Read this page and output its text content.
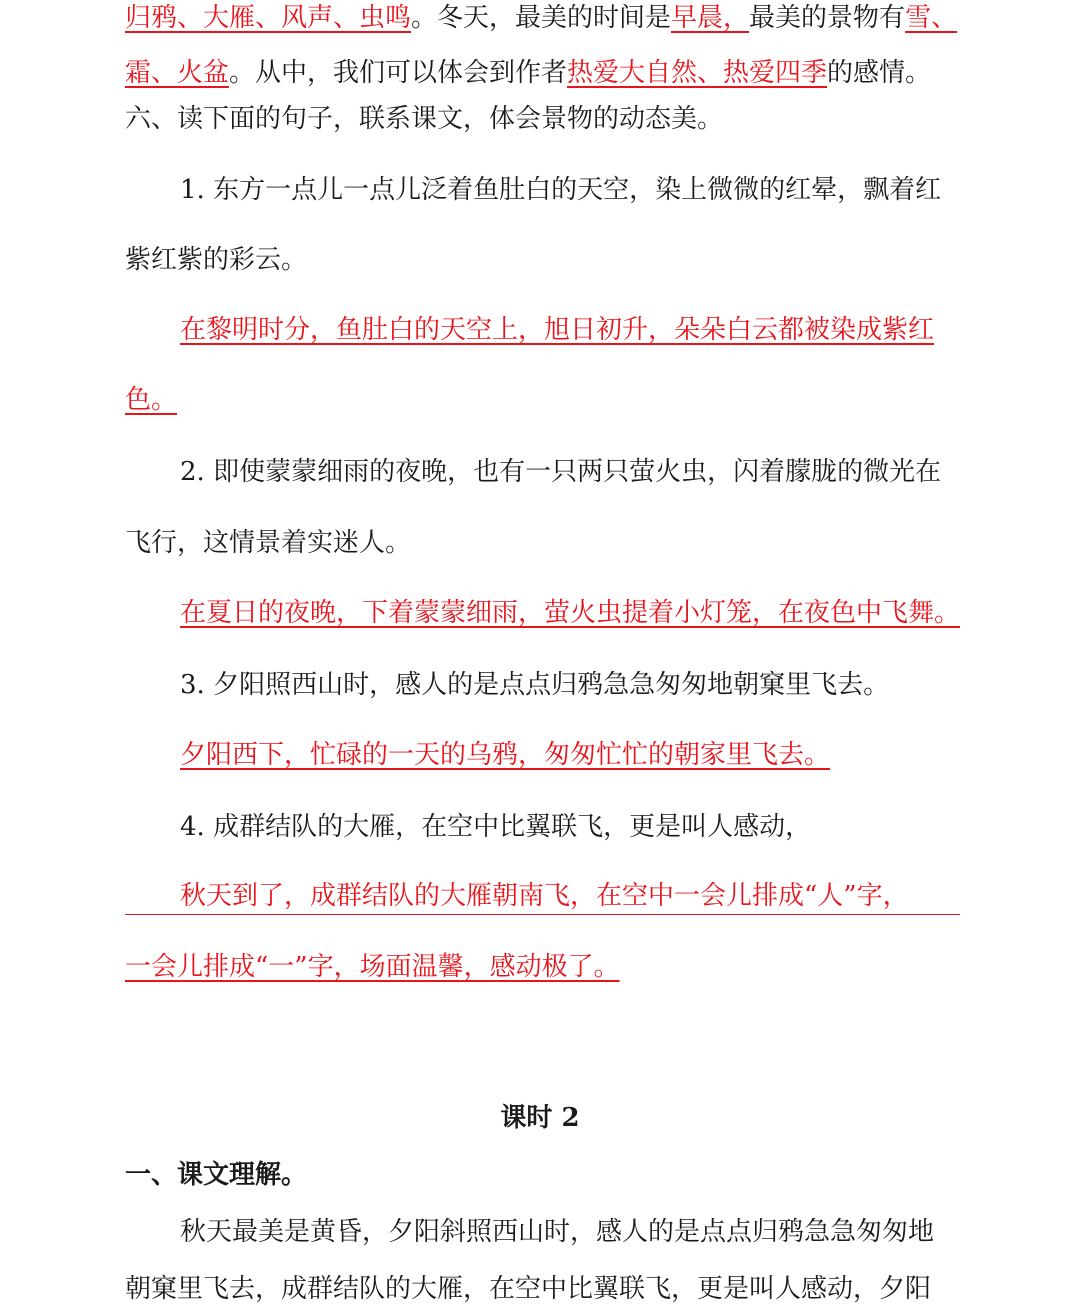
归鸦、大雁、风声、虫鸣。冬天，最美的时间是早晨，最美的景物有雪、
霜、火盆。从中，我们可以体会到作者热爱大自然、热爱四季的感情。
六、读下面的句子，联系课文，体会景物的动态美。
1. 东方一点儿一点儿泛着鱼肚白的天空，染上微微的红晕，飘着红
紫红紫的彩云。
在黎明时分，鱼肚白的天空上，旭日初升，朵朵白云都被染成紫红
色。
2. 即使蒙蒙细雨的夜晚，也有一只两只萤火虫，闪着朦胧的微光在
飞行，这情景着实迷人。
在夏日的夜晚，下着蒙蒙细雨，萤火虫提着小灯笼，在夜色中飞舞。
3. 夕阳照西山时，感人的是点点归鸦急急匆匆地朝窠里飞去。
夕阳西下，忙碌的一天的乌鸦，匆匆忙忙的朝家里飞去。
4. 成群结队的大雁，在空中比翼联飞，更是叫人感动，
秋天到了，成群结队的大雁朝南飞，在空中一会儿排成“人”字，
一会儿排成“一”字，场面温馨，感动极了。
课时 2
一、课文理解。
秋天最美是黄昏，夕阳斜照西山时，感人的是点点归鸦急急匆匆地
朝窠里飞去，成群结队的大雁，在空中比翼联飞，更是叫人感动，夕阳
